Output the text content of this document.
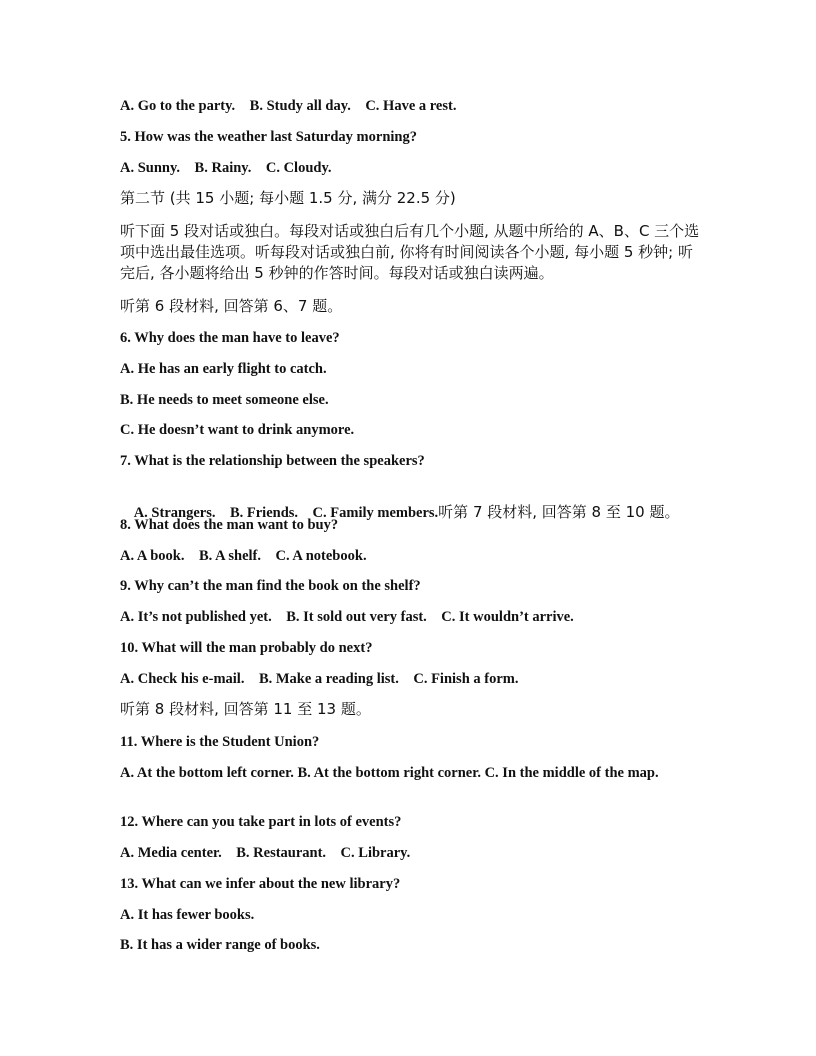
A. Go to the party.    B. Study all day.    C. Have a rest.
5. How was the weather last Saturday morning?
A. Sunny.    B. Rainy.    C. Cloudy.
第二节 (共 15 小题; 每小题 1.5 分, 满分 22.5 分)
听下面 5 段对话或独白。每段对话或独白后有几个小题, 从题中所给的 A、B、C 三个选项中选出最佳选项。听每段对话或独白前, 你将有时间阅读各个小题, 每小题 5 秒钟; 听完后, 各小题将给出 5 秒钟的作答时间。每段对话或独白读两遍。
听第 6 段材料, 回答第 6、7 题。
6. Why does the man have to leave?
A. He has an early flight to catch.
B. He needs to meet someone else.
C. He doesn’t want to drink anymore.
7. What is the relationship between the speakers?

A. Strangers.    B. Friends.    C. Family members.听第 7 段材料, 回答第 8 至 10 题。

8. What does the man want to buy?
A. A book.    B. A shelf.    C. A notebook.
9. Why can’t the man find the book on the shelf?
A. It’s not published yet.    B. It sold out very fast.    C. It wouldn’t arrive.
10. What will the man probably do next?
A. Check his e-mail.    B. Make a reading list.    C. Finish a form.
听第 8 段材料, 回答第 11 至 13 题。
11. Where is the Student Union?
A. At the bottom left corner. B. At the bottom right corner. C. In the middle of the map.
12. Where can you take part in lots of events?
A. Media center.    B. Restaurant.    C. Library.
13. What can we infer about the new library?
A. It has fewer books.
B. It has a wider range of books.
